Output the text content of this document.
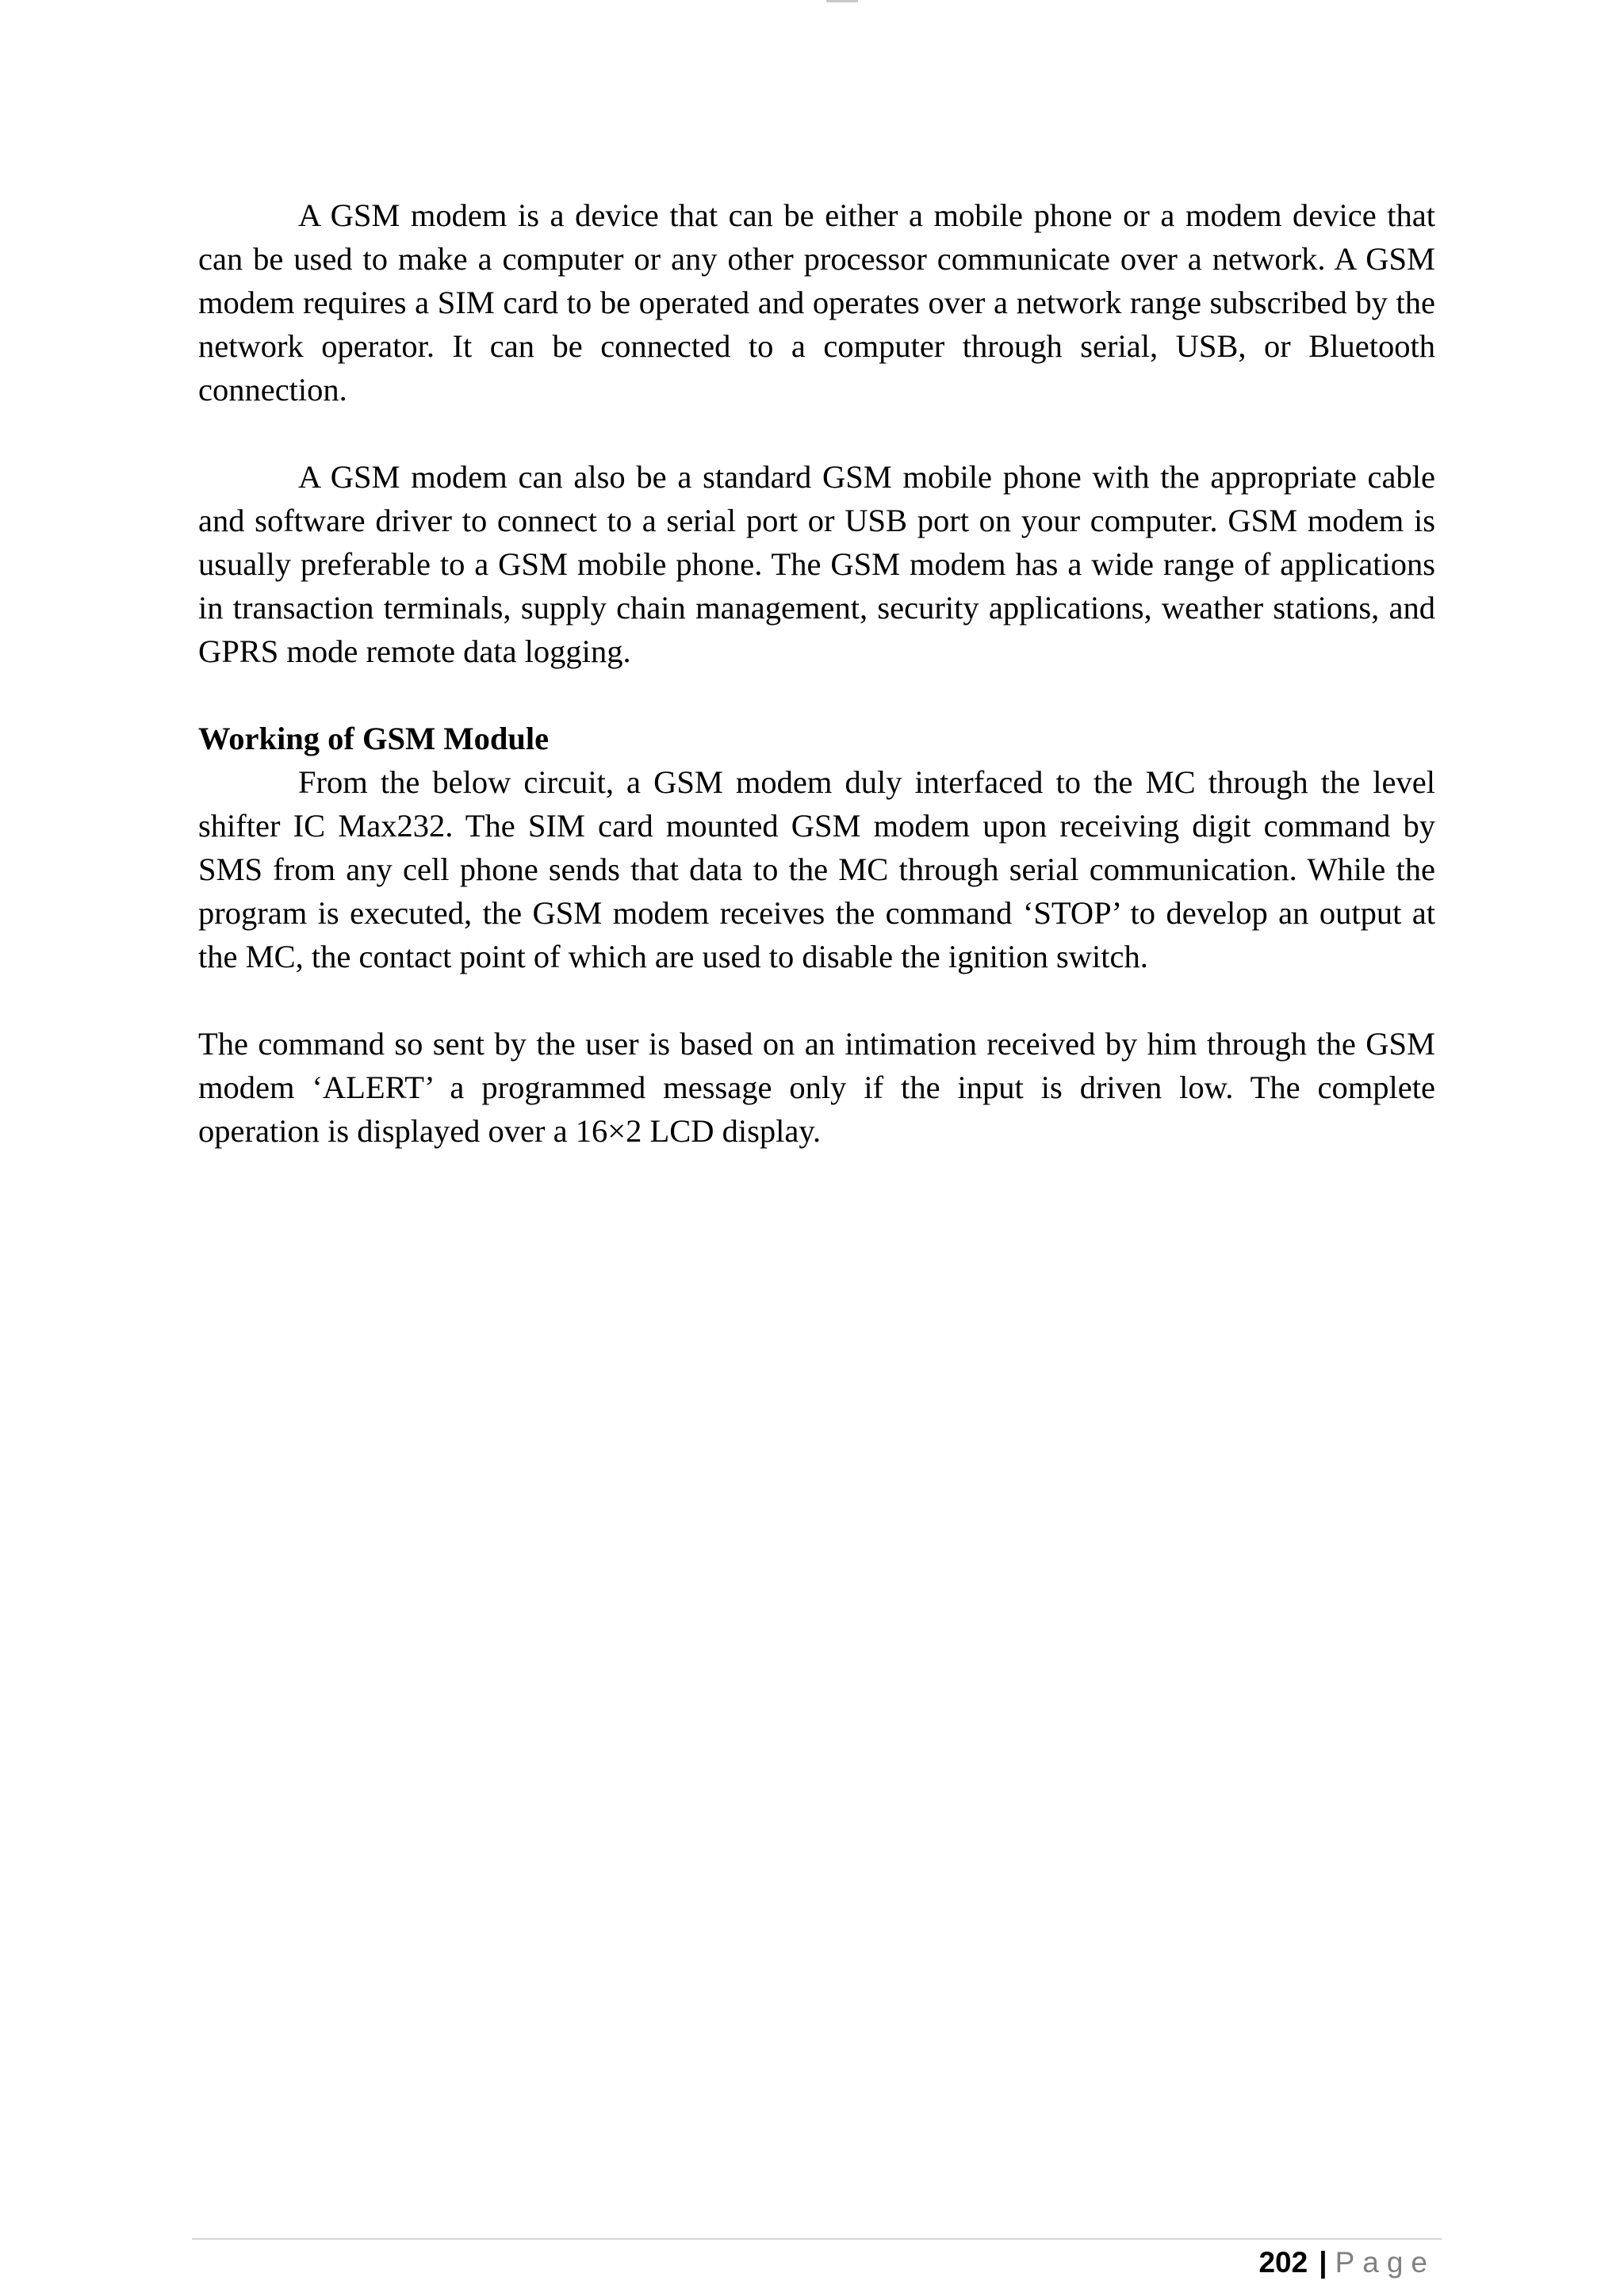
A GSM modem is a device that can be either a mobile phone or a modem device that can be used to make a computer or any other processor communicate over a network. A GSM modem requires a SIM card to be operated and operates over a network range subscribed by the network operator. It can be connected to a computer through serial, USB, or Bluetooth connection.

A GSM modem can also be a standard GSM mobile phone with the appropriate cable and software driver to connect to a serial port or USB port on your computer. GSM modem is usually preferable to a GSM mobile phone. The GSM modem has a wide range of applications in transaction terminals, supply chain management, security applications, weather stations, and GPRS mode remote data logging.

Working of GSM Module

From the below circuit, a GSM modem duly interfaced to the MC through the level shifter IC Max232. The SIM card mounted GSM modem upon receiving digit command by SMS from any cell phone sends that data to the MC through serial communication. While the program is executed, the GSM modem receives the command ‘STOP’ to develop an output at the MC, the contact point of which are used to disable the ignition switch.

The command so sent by the user is based on an intimation received by him through the GSM modem ‘ALERT’ a programmed message only if the input is driven low. The complete operation is displayed over a 16×2 LCD display.

202 | Page
